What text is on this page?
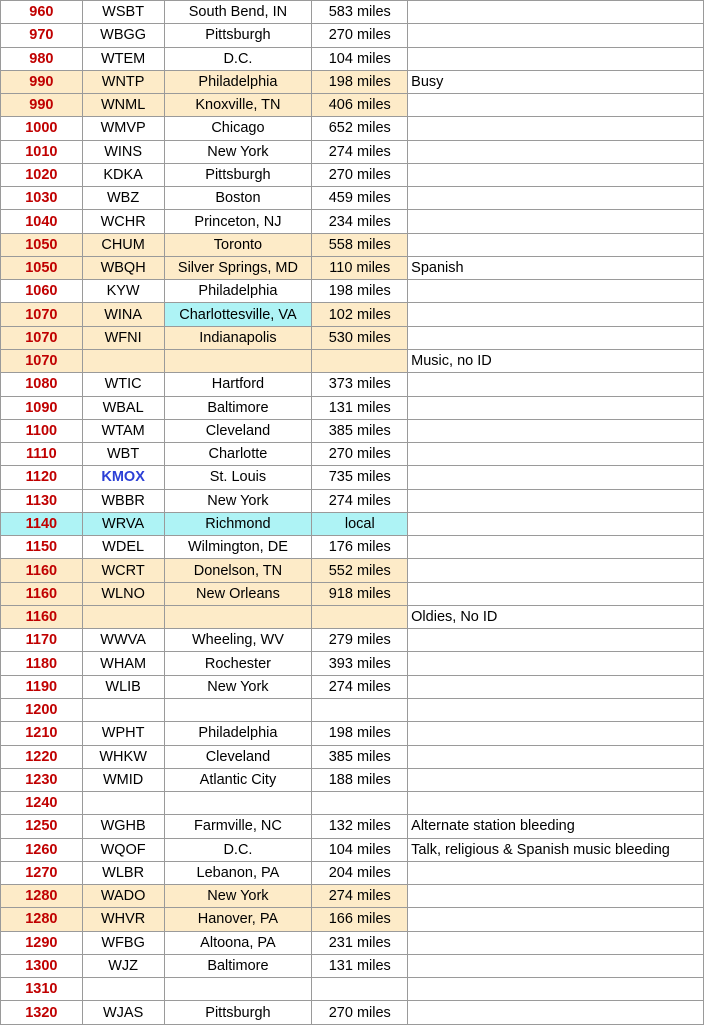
960	WSBT	South Bend, IN	583 miles	
970	WBGG	Pittsburgh	270 miles	
980	WTEM	D.C.	104 miles	
990	WNTP	Philadelphia	198 miles	Busy
990	WNML	Knoxville, TN	406 miles	
1000	WMVP	Chicago	652 miles	
1010	WINS	New York	274 miles	
1020	KDKA	Pittsburgh	270 miles	
1030	WBZ	Boston	459 miles	
1040	WCHR	Princeton, NJ	234 miles	
1050	CHUM	Toronto	558 miles	
1050	WBQH	Silver Springs, MD	110 miles	Spanish
1060	KYW	Philadelphia	198 miles	
1070	WINA	Charlottesville, VA	102 miles	
1070	WFNI	Indianapolis	530 miles	
1070				Music, no ID
1080	WTIC	Hartford	373 miles	
1090	WBAL	Baltimore	131 miles	
1100	WTAM	Cleveland	385 miles	
1110	WBT	Charlotte	270 miles	
1120	KMOX	St. Louis	735 miles	
1130	WBBR	New York	274 miles	
1140	WRVA	Richmond	local	
1150	WDEL	Wilmington, DE	176 miles	
1160	WCRT	Donelson, TN	552 miles	
1160	WLNO	New Orleans	918 miles	
1160				Oldies, No ID
1170	WWVA	Wheeling, WV	279 miles	
1180	WHAM	Rochester	393 miles	
1190	WLIB	New York	274 miles	
1200				
1210	WPHT	Philadelphia	198 miles	
1220	WHKW	Cleveland	385 miles	
1230	WMID	Atlantic City	188 miles	
1240				
1250	WGHB	Farmville, NC	132 miles	Alternate station bleeding
1260	WQOF	D.C.	104 miles	Talk, religious & Spanish music bleeding
1270	WLBR	Lebanon, PA	204 miles	
1280	WADO	New York	274 miles	
1280	WHVR	Hanover, PA	166 miles	
1290	WFBG	Altoona, PA	231 miles	
1300	WJZ	Baltimore	131 miles	
1310				
1320	WJAS	Pittsburgh	270 miles	
